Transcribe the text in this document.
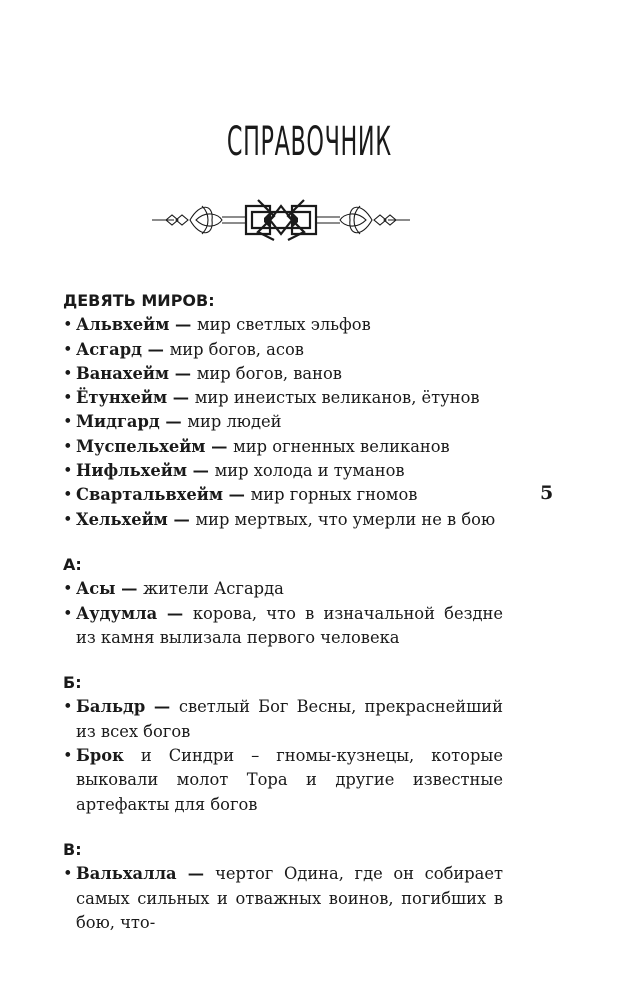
СПРАВОЧНИК
5
ДЕВЯТЬ МИРОВ:
• Альвхейм — мир светлых эльфов
• Асгард — мир богов, асов
• Ванахейм — мир богов, ванов
• Ётунхейм — мир инеистых великанов, ётунов
• Мидгард — мир людей
• Муспельхейм — мир огненных великанов
• Нифльхейм — мир холода и туманов
• Свартальвхейм — мир горных гномов
• Хельхейм — мир мертвых, что умерли не в бою
А:
• Асы — жители Асгарда
• Аудумла — корова, что в изначальной бездне из камня вылизала первого человека
Б:
• Бальдр — светлый Бог Весны, прекраснейший из всех богов
• Брок и Синдри – гномы-кузнецы, которые выковали молот Тора и другие известные артефакты для богов
В:
• Вальхалла — чертог Одина, где он собирает самых сильных и отважных воинов, погибших в бою, что-
